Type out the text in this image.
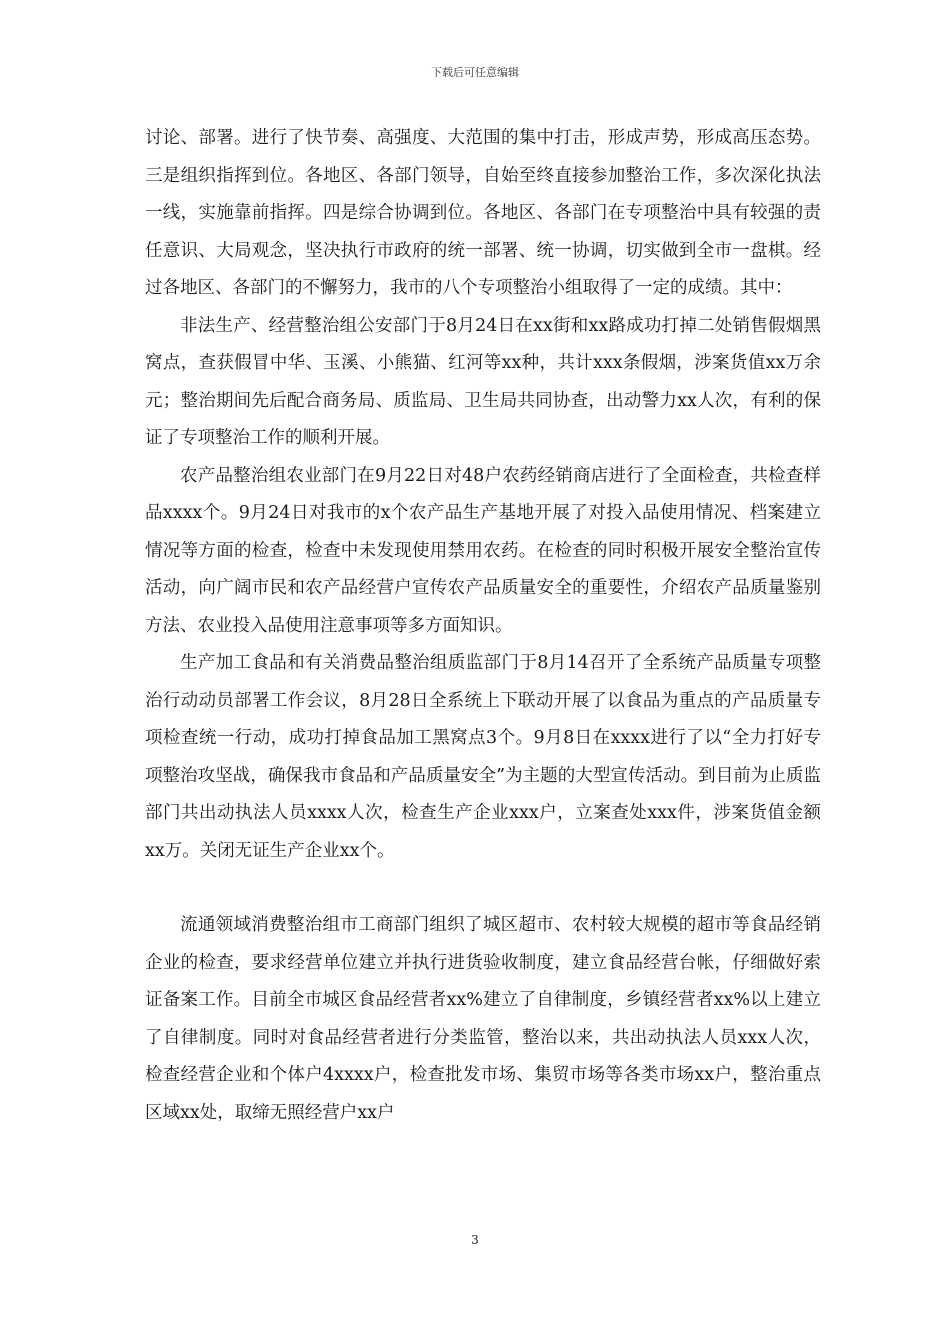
下载后可任意编辑

讨论、部署。进行了快节奏、高强度、大范围的集中打击，形成声势，形成高压态势。三是组织指挥到位。各地区、各部门领导，自始至终直接参加整治工作，多次深化执法一线，实施靠前指挥。四是综合协调到位。各地区、各部门在专项整治中具有较强的责任意识、大局观念，坚决执行市政府的统一部署、统一协调，切实做到全市一盘棋。经过各地区、各部门的不懈努力，我市的八个专项整治小组取得了一定的成绩。其中：

非法生产、经营整治组公安部门于8月24日在xx街和xx路成功打掉二处销售假烟黑窝点，查获假冒中华、玉溪、小熊猫、红河等xx种，共计xxx条假烟，涉案货值xx万余元；整治期间先后配合商务局、质监局、卫生局共同协查，出动警力xx人次，有利的保证了专项整治工作的顺利开展。

农产品整治组农业部门在9月22日对48户农药经销商店进行了全面检查，共检查样品xxxx个。9月24日对我市的x个农产品生产基地开展了对投入品使用情况、档案建立情况等方面的检查，检查中未发现使用禁用农药。在检查的同时积极开展安全整治宣传活动，向广阔市民和农产品经营户宣传农产品质量安全的重要性，介绍农产品质量鉴别方法、农业投入品使用注意事项等多方面知识。

生产加工食品和有关消费品整治组质监部门于8月14召开了全系统产品质量专项整治行动动员部署工作会议，8月28日全系统上下联动开展了以食品为重点的产品质量专项检查统一行动，成功打掉食品加工黑窝点3个。9月8日在xxxx进行了以“全力打好专项整治攻坚战，确保我市食品和产品质量安全”为主题的大型宣传活动。到目前为止质监部门共出动执法人员xxxx人次，检查生产企业xxx户，立案查处xxx件，涉案货值金额xx万。关闭无证生产企业xx个。

流通领域消费整治组市工商部门组织了城区超市、农村较大规模的超市等食品经销企业的检查，要求经营单位建立并执行进货验收制度，建立食品经营台帐，仔细做好索证备案工作。目前全市城区食品经营者xx%建立了自律制度，乡镇经营者xx%以上建立了自律制度。同时对食品经营者进行分类监管，整治以来，共出动执法人员xxx人次，检查经营企业和个体户4xxxx户，检查批发市场、集贸市场等各类市场xx户，整治重点区域xx处，取缔无照经营户xx户

3
